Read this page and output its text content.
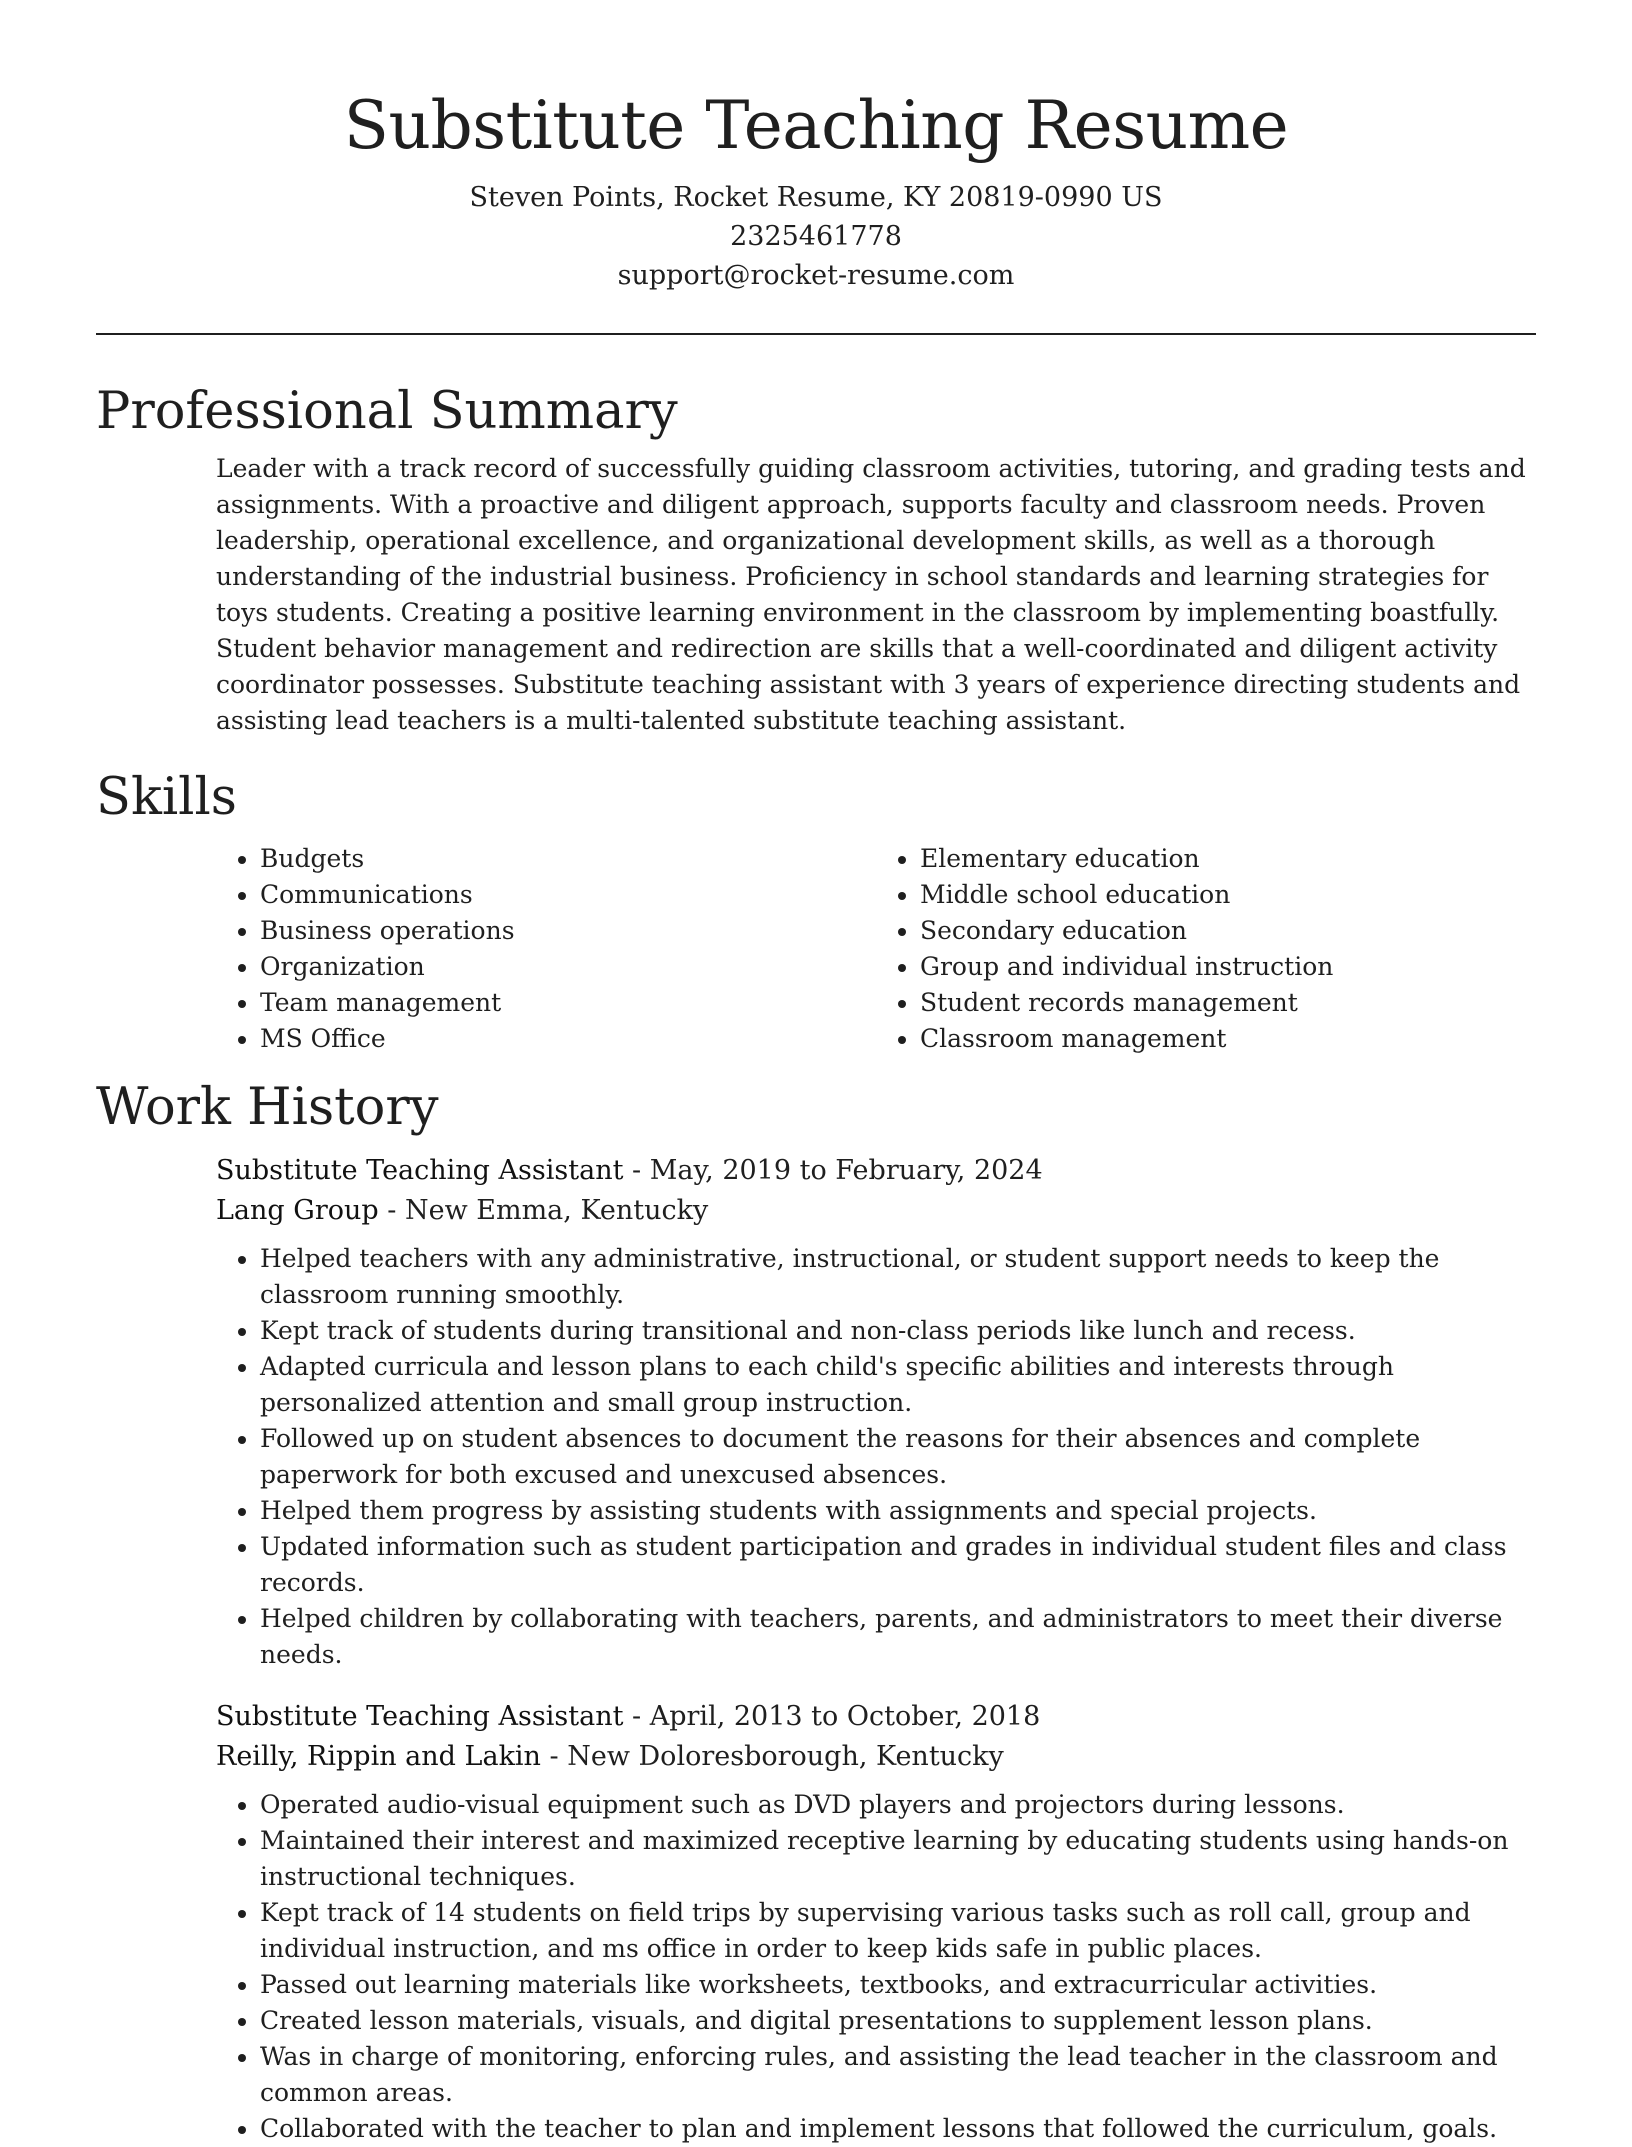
Substitute Teaching Resume

Steven Points, Rocket Resume, KY 20819-0990 US

2325461778

support@rocket-resume.com

Professional Summary

Leader with a track record of successfully guiding classroom activities, tutoring, and grading tests and assignments. With a proactive and diligent approach, supports faculty and classroom needs. Proven leadership, operational excellence, and organizational development skills, as well as a thorough understanding of the industrial business. Proficiency in school standards and learning strategies for toys students. Creating a positive learning environment in the classroom by implementing boastfully. Student behavior management and redirection are skills that a well-coordinated and diligent activity coordinator possesses. Substitute teaching assistant with 3 years of experience directing students and assisting lead teachers is a multi-talented substitute teaching assistant.

Skills
• Budgets
• Communications
• Business operations
• Organization
• Team management
• MS Office
• Elementary education
• Middle school education
• Secondary education
• Group and individual instruction
• Student records management
• Classroom management
Work History

Substitute Teaching Assistant - May, 2019 to February, 2024

Lang Group - New Emma, Kentucky

• Helped teachers with any administrative, instructional, or student support needs to keep the classroom running smoothly.
• Kept track of students during transitional and non-class periods like lunch and recess.
• Adapted curricula and lesson plans to each child's specific abilities and interests through personalized attention and small group instruction.
• Followed up on student absences to document the reasons for their absences and complete paperwork for both excused and unexcused absences.
• Helped them progress by assisting students with assignments and special projects.
• Updated information such as student participation and grades in individual student files and class records.
• Helped children by collaborating with teachers, parents, and administrators to meet their diverse needs.

Substitute Teaching Assistant - April, 2013 to October, 2018

Reilly, Rippin and Lakin - New Doloresborough, Kentucky

• Operated audio-visual equipment such as DVD players and projectors during lessons.
• Maintained their interest and maximized receptive learning by educating students using hands-on instructional techniques.
• Kept track of 14 students on field trips by supervising various tasks such as roll call, group and individual instruction, and ms office in order to keep kids safe in public places.
• Passed out learning materials like worksheets, textbooks, and extracurricular activities.
• Created lesson materials, visuals, and digital presentations to supplement lesson plans.
• Was in charge of monitoring, enforcing rules, and assisting the lead teacher in the classroom and common areas.
• Collaborated with the teacher to plan and implement lessons that followed the curriculum, goals.
